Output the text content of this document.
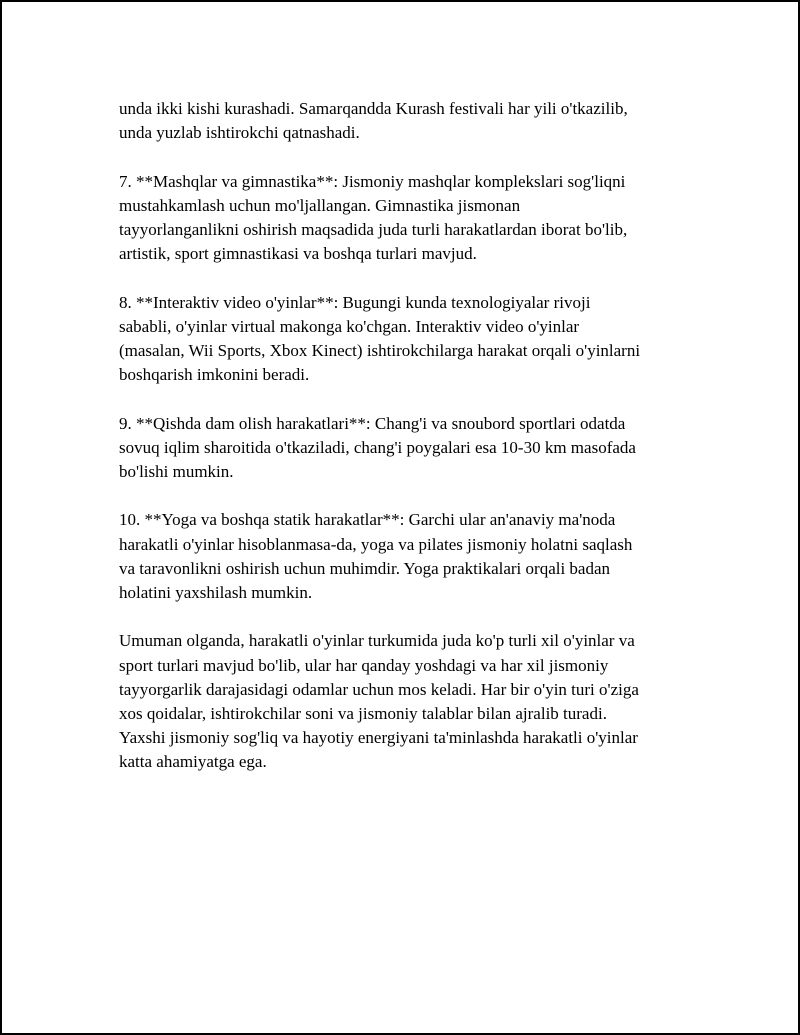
unda ikki kishi kurashadi. Samarqandda Kurash festivali har yili o'tkazilib,
unda yuzlab ishtirokchi qatnashadi.

7. **Mashqlar va gimnastika**: Jismoniy mashqlar komplekslari sog'liqni
mustahkamlash uchun mo'ljallangan. Gimnastika jismonan
tayyorlanganlikni oshirish maqsadida juda turli harakatlardan iborat bo'lib,
artistik, sport gimnastikasi va boshqa turlari mavjud.

8. **Interaktiv video o'yinlar**: Bugungi kunda texnologiyalar rivoji
sababli, o'yinlar virtual makonga ko'chgan. Interaktiv video o'yinlar
(masalan, Wii Sports, Xbox Kinect) ishtirokchilarga harakat orqali o'yinlarni
boshqarish imkonini beradi.

9. **Qishda dam olish harakatlari**: Chang'i va snoubord sportlari odatda
sovuq iqlim sharoitida o'tkaziladi, chang'i poygalari esa 10-30 km masofada
bo'lishi mumkin.

10. **Yoga va boshqa statik harakatlar**: Garchi ular an'anaviy ma'noda
harakatli o'yinlar hisoblanmasa-da, yoga va pilates jismoniy holatni saqlash
va taravonlikni oshirish uchun muhimdir. Yoga praktikalari orqali badan
holatini yaxshilash mumkin.

Umuman olganda, harakatli o'yinlar turkumida juda ko'p turli xil o'yinlar va
sport turlari mavjud bo'lib, ular har qanday yoshdagi va har xil jismoniy
tayyorgarlik darajasidagi odamlar uchun mos keladi. Har bir o'yin turi o'ziga
xos qoidalar, ishtirokchilar soni va jismoniy talablar bilan ajralib turadi.
Yaxshi jismoniy sog'liq va hayotiy energiyani ta'minlashda harakatli o'yinlar
katta ahamiyatga ega.
